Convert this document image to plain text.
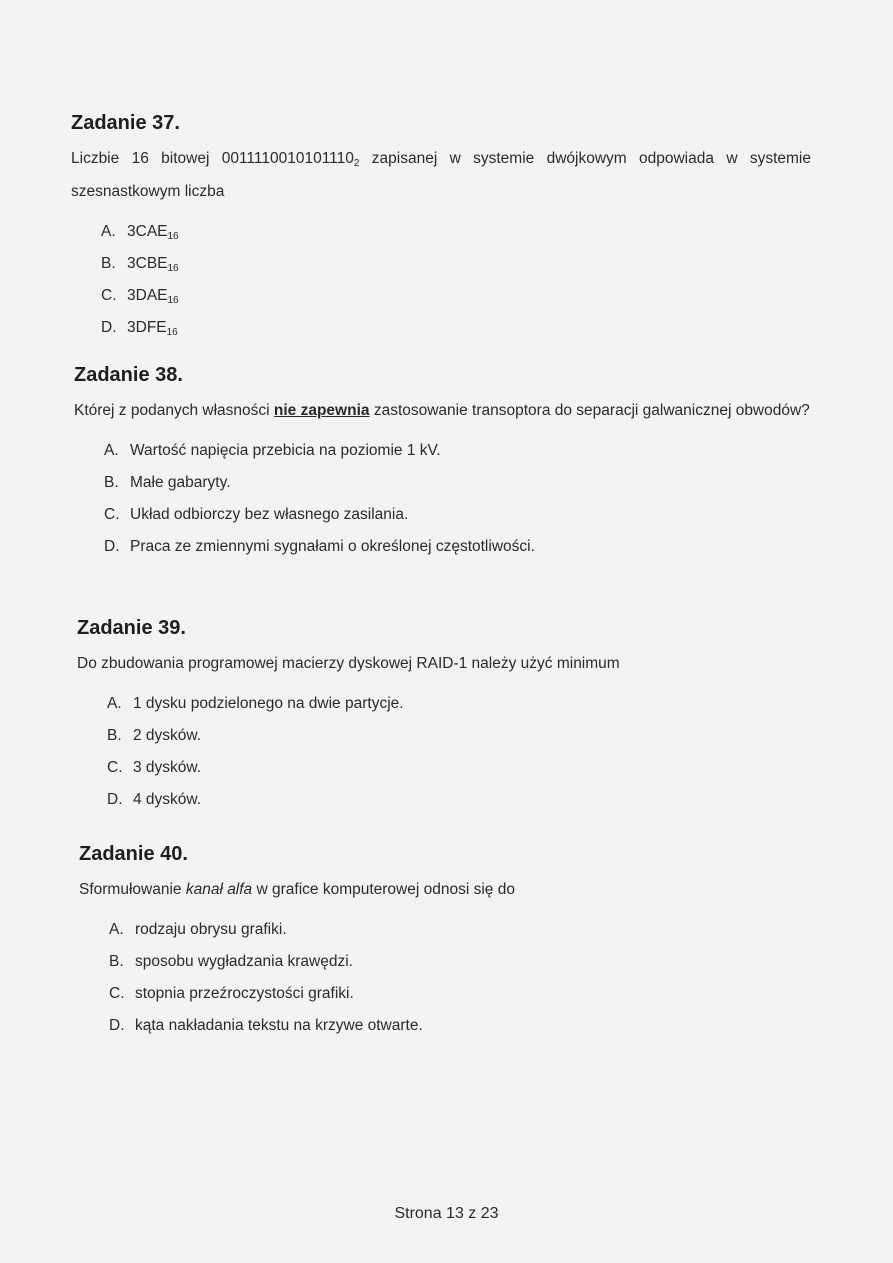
Zadanie 37.

Liczbie 16 bitowej $0011110010101110_2$ zapisanej w systemie dwójkowym odpowiada w systemie szesnastkowym liczba

A. $3CAE_{16}$
B. $3CBE_{16}$
C. $3DAE_{16}$
D. $3DFE_{16}$
Zadanie 38.

Której z podanych własności nie zapewnia zastosowanie transoptora do separacji galwanicznej obwodów?

A. Wartość napięcia przebicia na poziomie 1 kV.
B. Małe gabaryty.
C. Układ odbiorczy bez własnego zasilania.
D. Praca ze zmiennymi sygnałami o określonej częstotliwości.
Zadanie 39.

Do zbudowania programowej macierzy dyskowej RAID-1 należy użyć minimum

A. 1 dysku podzielonego na dwie partycje.
B. 2 dysków.
C. 3 dysków.
D. 4 dysków.
Zadanie 40.

Sformułowanie kanał alfa w grafice komputerowej odnosi się do

A. rodzaju obrysu grafiki.
B. sposobu wygładzania krawędzi.
C. stopnia przeźroczystości grafiki.
D. kąta nakładania tekstu na krzywe otwarte.
Strona 13 z 23
